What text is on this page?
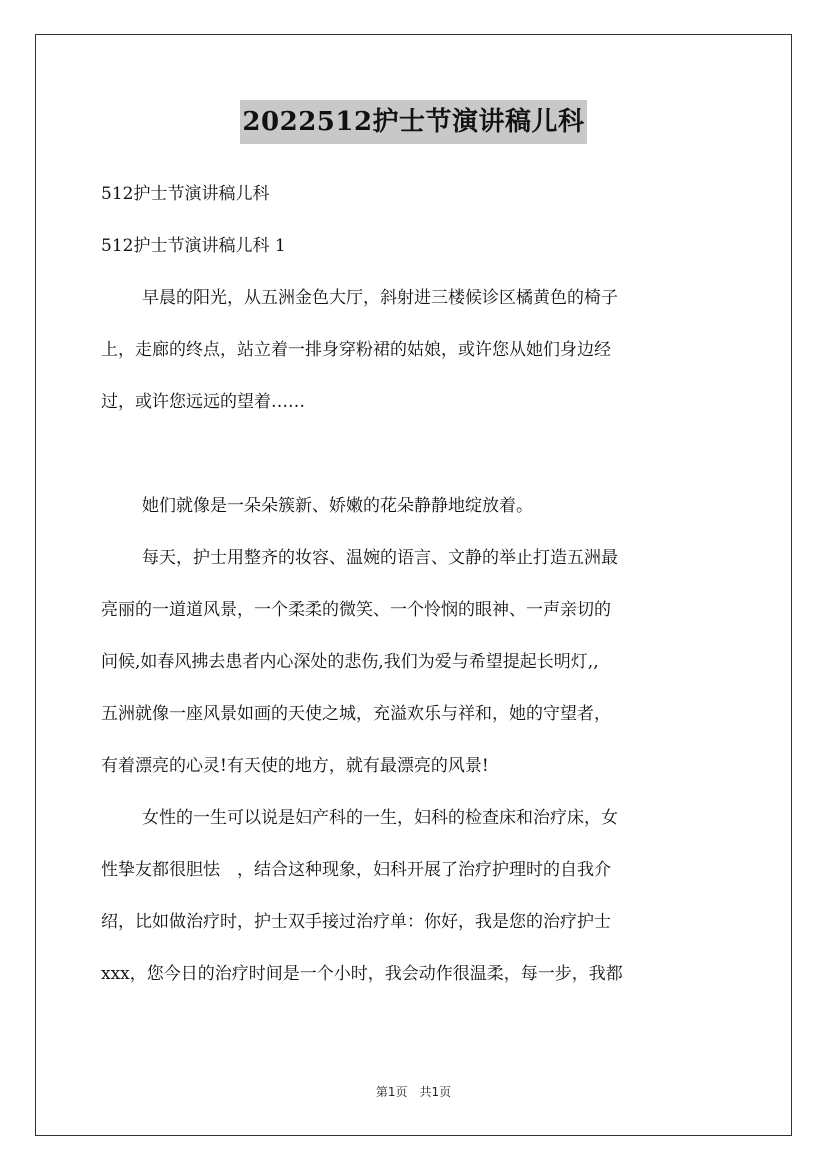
2022512护士节演讲稿儿科
512护士节演讲稿儿科
512护士节演讲稿儿科 1
早晨的阳光，从五洲金色大厅，斜射进三楼候诊区橘黄色的椅子
上，走廊的终点，站立着一排身穿粉裙的姑娘，或许您从她们身边经
过，或许您远远的望着……
她们就像是一朵朵簇新、娇嫩的花朵静静地绽放着。
每天，护士用整齐的妆容、温婉的语言、文静的举止打造五洲最
亮丽的一道道风景，一个柔柔的微笑、一个怜悯的眼神、一声亲切的
问候,如春风拂去患者内心深处的悲伤,我们为爱与希望提起长明灯,,
五洲就像一座风景如画的天使之城，充溢欢乐与祥和，她的守望者，
有着漂亮的心灵!有天使的地方，就有最漂亮的风景!
女性的一生可以说是妇产科的一生，妇科的检查床和治疗床，女
性挚友都很胆怯　，结合这种现象，妇科开展了治疗护理时的自我介
绍，比如做治疗时，护士双手接过治疗单：你好，我是您的治疗护士
xxx，您今日的治疗时间是一个小时，我会动作很温柔，每一步，我都
第1页 共1页
